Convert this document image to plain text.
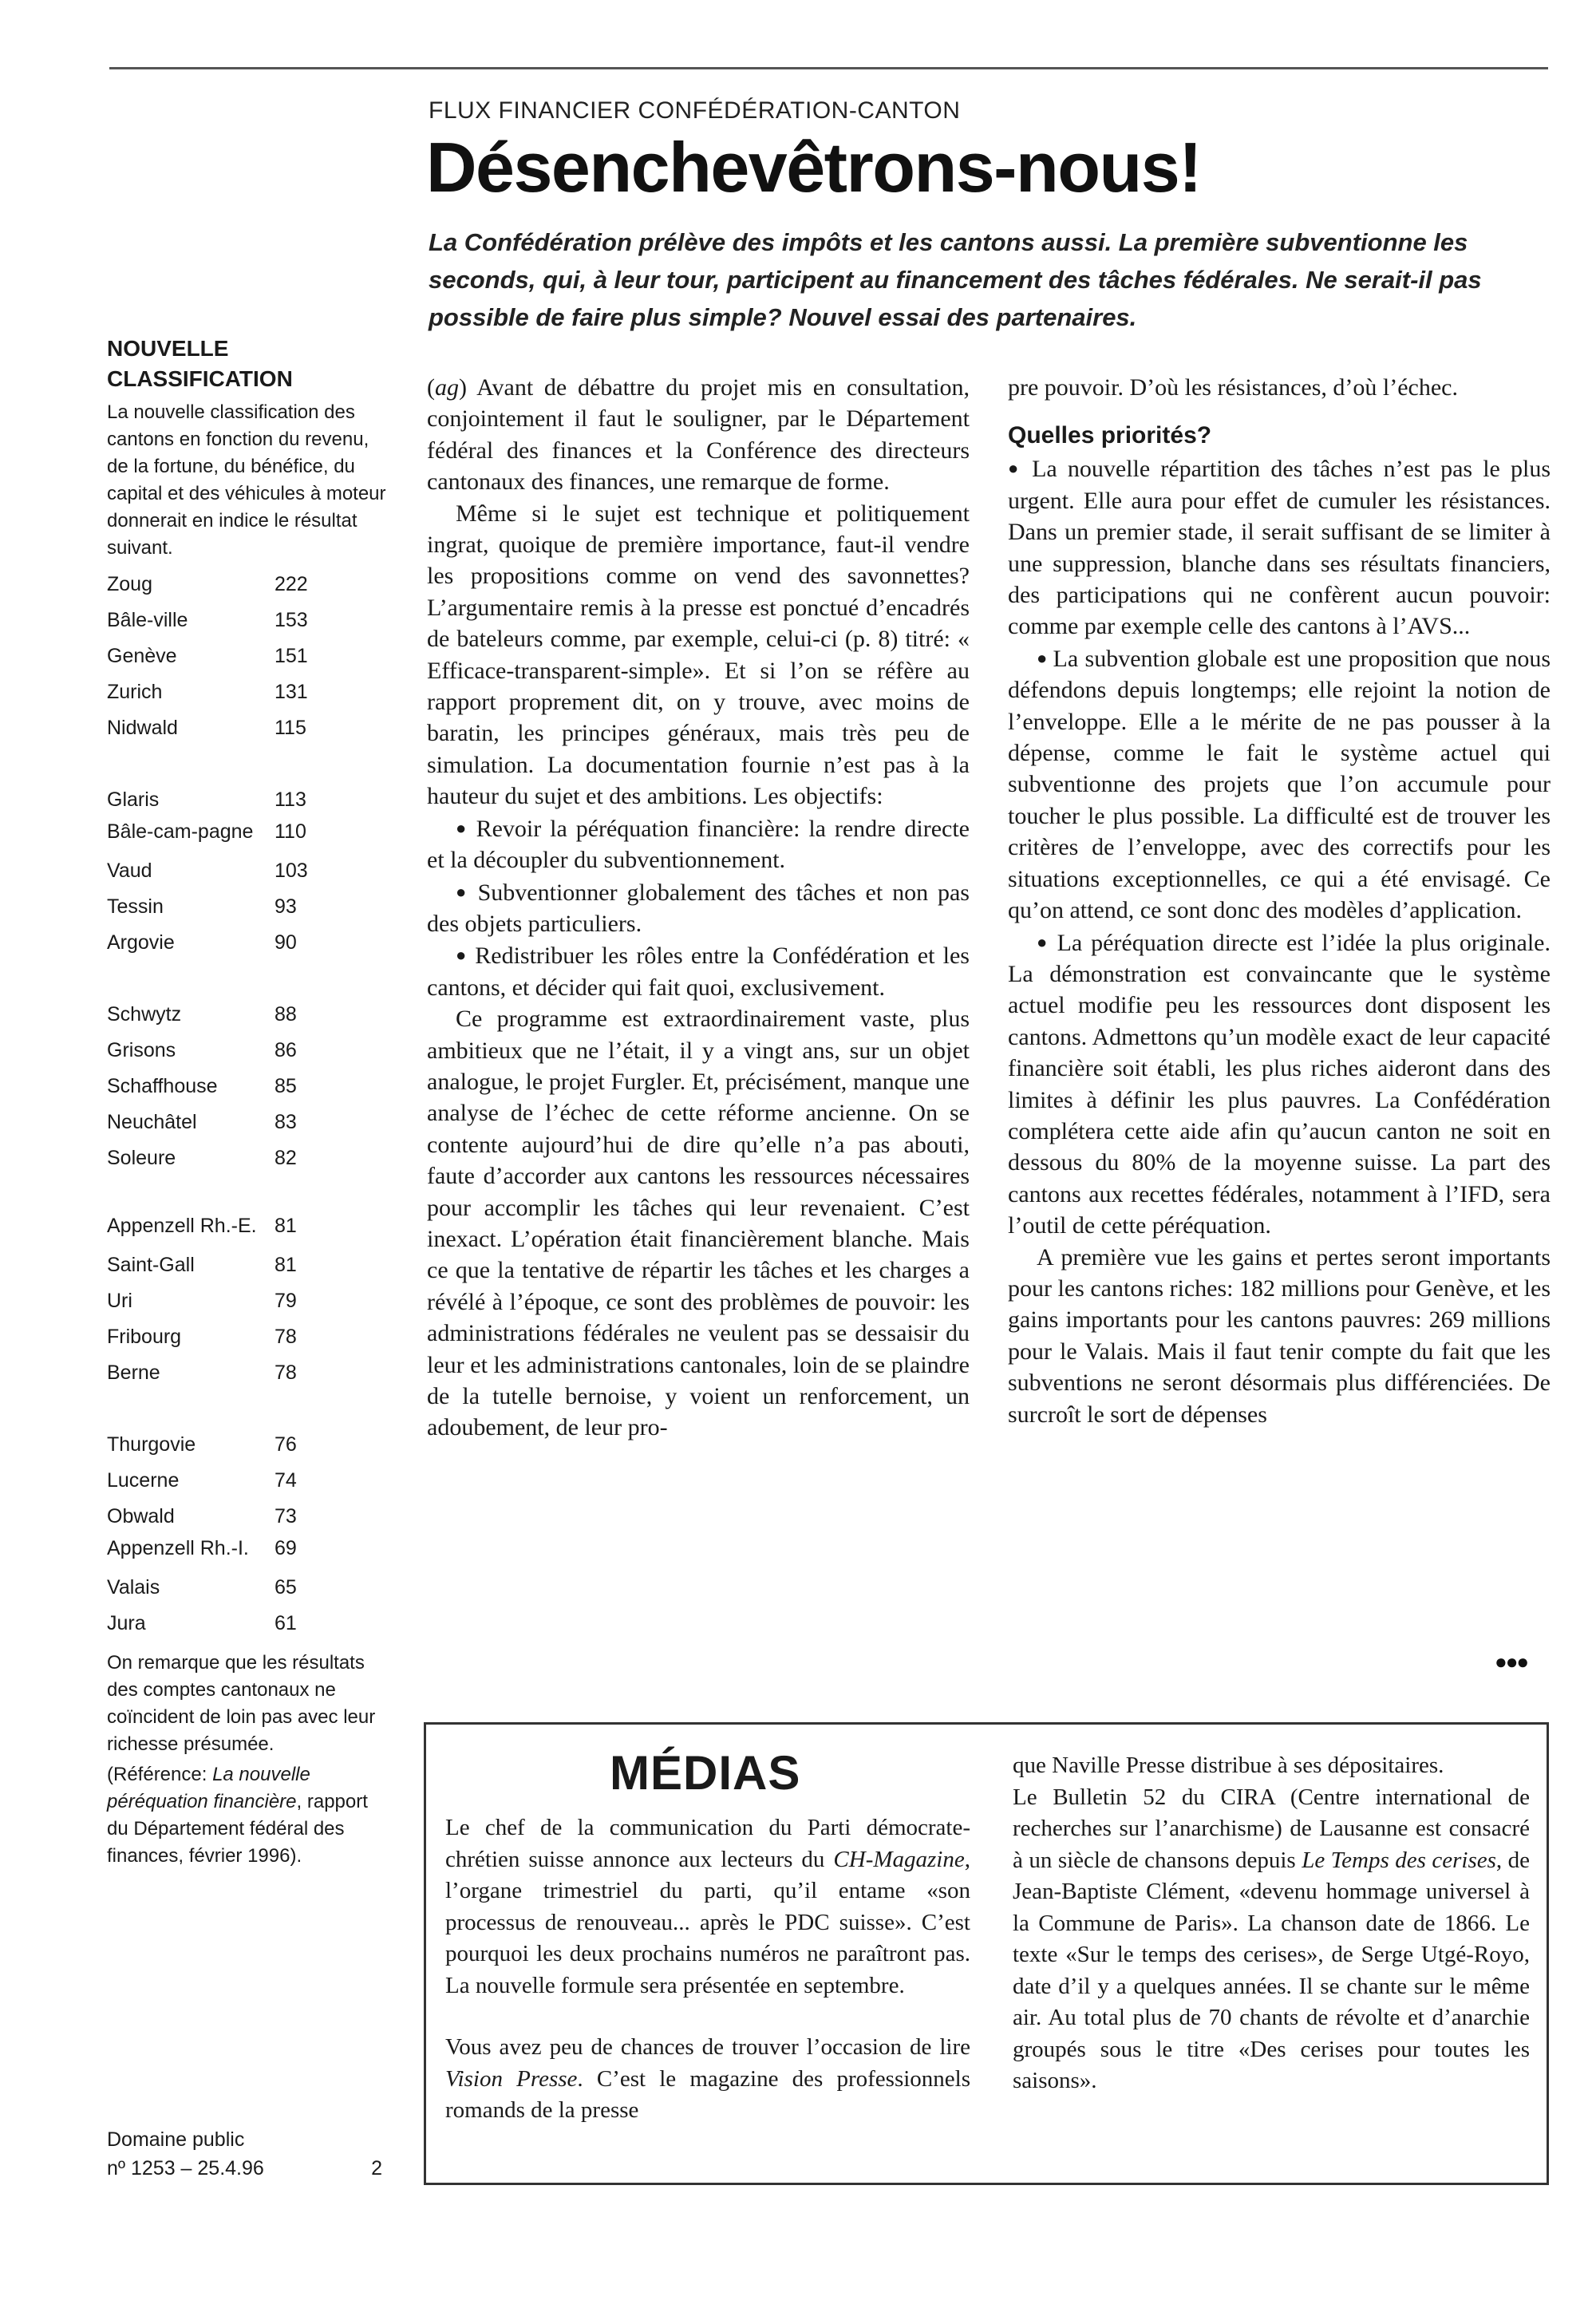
FLUX FINANCIER CONFÉDÉRATION-CANTON
Désenchevêtrons-nous!
La Confédération prélève des impôts et les cantons aussi. La première subventionne les seconds, qui, à leur tour, participent au financement des tâches fédérales. Ne serait-il pas possible de faire plus simple? Nouvel essai des partenaires.
NOUVELLE CLASSIFICATION

La nouvelle classification des cantons en fonction du revenu, de la fortune, du bénéfice, du capital et des véhicules à moteur donnerait en indice le résultat suivant.

Zoug	222
Bâle-ville	153
Genève	151
Zurich	131
Nidwald	115
Glaris	113
Bâle-cam-pagne	110
Vaud	103
Tessin	93
Argovie	90
Schwytz	88
Grisons	86
Schaffhouse	85
Neuchâtel	83
Soleure	82
Appenzell Rh.-E. 81
Saint-Gall	81
Uri	79
Fribourg	78
Berne	78
Thurgovie	76
Lucerne	74
Obwald	73
Appenzell Rh.-I.	69
Valais	65
Jura	61

On remarque que les résultats des comptes cantonaux ne coïncident de loin pas avec leur richesse présumée.

(Référence: La nouvelle péréquation financière, rapport du Département fédéral des finances, février 1996).

Domaine public
nº 1253 – 25.4.96	2

(ag) Avant de débattre du projet mis en consultation, conjointement il faut le souligner, par le Département fédéral des finances et la Conférence des directeurs cantonaux des finances, une remarque de forme.

Même si le sujet est technique et politiquement ingrat, quoique de première importance, faut-il vendre les propositions comme on vend des savonnettes? L’argumentaire remis à la presse est ponctué d’encadrés de bateleurs comme, par exemple, celui-ci (p. 8) titré: « Efficace-transparent-simple». Et si l’on se réfère au rapport proprement dit, on y trouve, avec moins de baratin, les principes généraux, mais très peu de simulation. La documentation fournie n’est pas à la hauteur du sujet et des ambitions. Les objectifs:

● Revoir la péréquation financière: la rendre directe et la découpler du subventionnement.

● Subventionner globalement des tâches et non pas des objets particuliers.

● Redistribuer les rôles entre la Confédération et les cantons, et décider qui fait quoi, exclusivement.

Ce programme est extraordinairement vaste, plus ambitieux que ne l’était, il y a vingt ans, sur un objet analogue, le projet Furgler. Et, précisément, manque une analyse de l’échec de cette réforme ancienne. On se contente aujourd’hui de dire qu’elle n’a pas abouti, faute d’accorder aux cantons les ressources nécessaires pour accomplir les tâches qui leur revenaient. C’est inexact. L’opération était financièrement blanche. Mais ce que la tentative de répartir les tâches et les charges a révélé à l’époque, ce sont des problèmes de pouvoir: les administrations fédérales ne veulent pas se dessaisir du leur et les administrations cantonales, loin de se plaindre de la tutelle bernoise, y voient un renforcement, un adoubement, de leur pro-

pre pouvoir. D’où les résistances, d’où l’échec.

Quelles priorités?

● La nouvelle répartition des tâches n’est pas le plus urgent. Elle aura pour effet de cumuler les résistances. Dans un premier stade, il serait suffisant de se limiter à une suppression, blanche dans ses résultats financiers, des participations qui ne confèrent aucun pouvoir: comme par exemple celle des cantons à l’AVS...

● La subvention globale est une proposition que nous défendons depuis longtemps; elle rejoint la notion de l’enveloppe. Elle a le mérite de ne pas pousser à la dépense, comme le fait le système actuel qui subventionne des projets que l’on accumule pour toucher le plus possible. La difficulté est de trouver les critères de l’enveloppe, avec des correctifs pour les situations exceptionnelles, ce qui a été envisagé. Ce qu’on attend, ce sont donc des modèles d’application.

● La péréquation directe est l’idée la plus originale. La démonstration est convaincante que le système actuel modifie peu les ressources dont disposent les cantons. Admettons qu’un modèle exact de leur capacité financière soit établi, les plus riches aideront dans des limites à définir les plus pauvres. La Confédération complétera cette aide afin qu’aucun canton ne soit en dessous du 80% de la moyenne suisse. La part des cantons aux recettes fédérales, notamment à l’IFD, sera l’outil de cette péréquation.

A première vue les gains et pertes seront importants pour les cantons riches: 182 millions pour Genève, et les gains importants pour les cantons pauvres: 269 millions pour le Valais. Mais il faut tenir compte du fait que les subventions ne seront désormais plus différenciées. De surcroît le sort de dépenses

●●●
MÉDIAS

Le chef de la communication du Parti démocrate-chrétien suisse annonce aux lecteurs du CH-Magazine, l’organe trimestriel du parti, qu’il entame «son processus de renouveau... après le PDC suisse». C’est pourquoi les deux prochains numéros ne paraîtront pas. La nouvelle formule sera présentée en septembre.

Vous avez peu de chances de trouver l’occasion de lire Vision Presse. C’est le magazine des professionnels romands de la presse

que Naville Presse distribue à ses dépositaires.

Le Bulletin 52 du CIRA (Centre international de recherches sur l’anarchisme) de Lausanne est consacré à un siècle de chansons depuis Le Temps des cerises, de Jean-Baptiste Clément, «devenu hommage universel à la Commune de Paris». La chanson date de 1866. Le texte «Sur le temps des cerises», de Serge Utgé-Royo, date d’il y a quelques années. Il se chante sur le même air. Au total plus de 70 chants de révolte et d’anarchie groupés sous le titre «Des cerises pour toutes les saisons».
